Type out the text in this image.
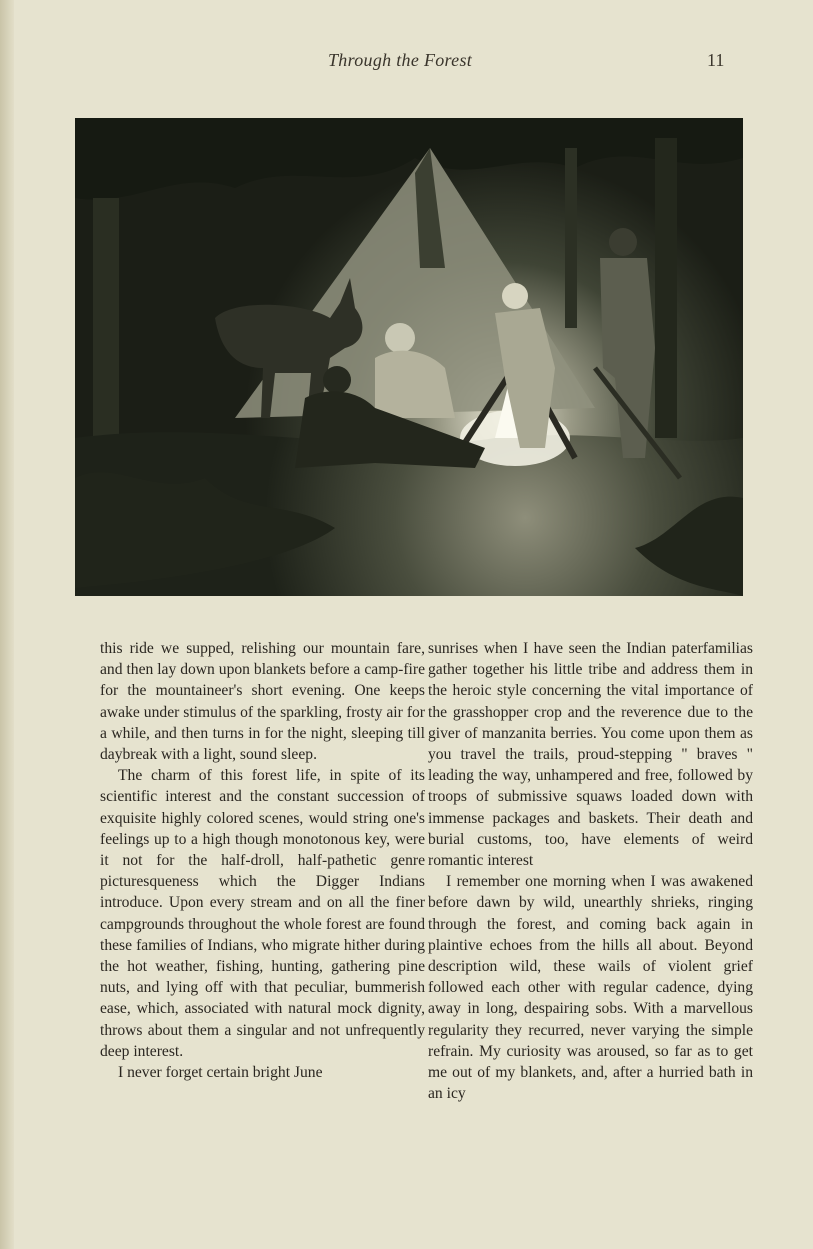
Through the Forest	11

this ride we supped, relishing our mountain fare, and then lay down upon blankets before a camp-fire for the mountaineer's short evening. One keeps awake under stimulus of the sparkling, frosty air for a while, and then turns in for the night, sleeping till daybreak with a light, sound sleep.

The charm of this forest life, in spite of its scientific interest and the constant succession of exquisite highly colored scenes, would string one's feelings up to a high though monotonous key, were it not for the half-droll, half-pathetic genre picturesqueness which the Digger Indians introduce. Upon every stream and on all the finer campgrounds throughout the whole forest are found these families of Indians, who migrate hither during the hot weather, fishing, hunting, gathering pine nuts, and lying off with that peculiar, bummerish ease, which, associated with natural mock dignity, throws about them a singular and not unfrequently deep interest.

I never forget certain bright June

sunrises when I have seen the Indian paterfamilias gather together his little tribe and address them in the heroic style concerning the vital importance of the grasshopper crop and the reverence due to the giver of manzanita berries. You come upon them as you travel the trails, proud-stepping " braves " leading the way, unhampered and free, followed by troops of submissive squaws loaded down with immense packages and baskets. Their death and burial customs, too, have elements of weird romantic interest

I remember one morning when I was awakened before dawn by wild, unearthly shrieks, ringing through the forest, and coming back again in plaintive echoes from the hills all about. Beyond description wild, these wails of violent grief followed each other with regular cadence, dying away in long, despairing sobs. With a marvellous regularity they recurred, never varying the simple refrain. My curiosity was aroused, so far as to get me out of my blankets, and, after a hurried bath in an icy
